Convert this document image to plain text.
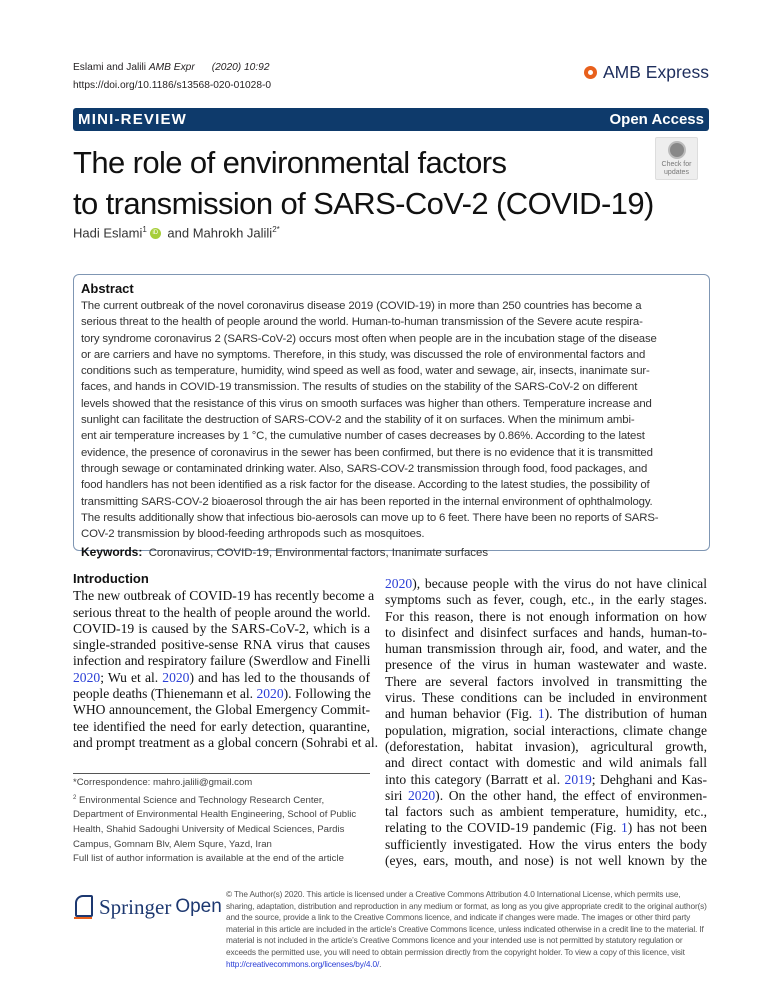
Eslami and Jalili AMB Expr (2020) 10:92
https://doi.org/10.1186/s13568-020-01028-0
AMB Express
MINI-REVIEW	Open Access
The role of environmental factors
to transmission of SARS-CoV-2 (COVID-19)
Check for
updates
Hadi Eslami$^1$ iD and Mahrokh Jalili$^{2*}$
Abstract
The current outbreak of the novel coronavirus disease 2019 (COVID-19) in more than 250 countries has become a
serious threat to the health of people around the world. Human-to-human transmission of the Severe acute respira-
tory syndrome coronavirus 2 (SARS-CoV-2) occurs most often when people are in the incubation stage of the disease
or are carriers and have no symptoms. Therefore, in this study, was discussed the role of environmental factors and
conditions such as temperature, humidity, wind speed as well as food, water and sewage, air, insects, inanimate sur-
faces, and hands in COVID-19 transmission. The results of studies on the stability of the SARS-CoV-2 on different
levels showed that the resistance of this virus on smooth surfaces was higher than others. Temperature increase and
sunlight can facilitate the destruction of SARS-COV-2 and the stability of it on surfaces. When the minimum ambi-
ent air temperature increases by 1 °C, the cumulative number of cases decreases by 0.86%. According to the latest
evidence, the presence of coronavirus in the sewer has been confirmed, but there is no evidence that it is transmitted
through sewage or contaminated drinking water. Also, SARS-COV-2 transmission through food, food packages, and
food handlers has not been identified as a risk factor for the disease. According to the latest studies, the possibility of
transmitting SARS-COV-2 bioaerosol through the air has been reported in the internal environment of ophthalmology.
The results additionally show that infectious bio-aerosols can move up to 6 feet. There have been no reports of SARS-
COV-2 transmission by blood-feeding arthropods such as mosquitoes.
Keywords: Coronavirus, COVID-19, Environmental factors, Inanimate surfaces
Introduction
The new outbreak of COVID-19 has recently become a
serious threat to the health of people around the world.
COVID-19 is caused by the SARS-CoV-2, which is a
single-stranded positive-sense RNA virus that causes
infection and respiratory failure (Swerdlow and Finelli
2020; Wu et al. 2020) and has led to the thousands of
people deaths (Thienemann et al. 2020). Following the
WHO announcement, the Global Emergency Commit-
tee identified the need for early detection, quarantine,
and prompt treatment as a global concern (Sohrabi et al.
2020), because people with the virus do not have clinical
symptoms such as fever, cough, etc., in the early stages.
For this reason, there is not enough information on how
to disinfect and disinfect surfaces and hands, human-to-
human transmission through air, food, and water, and the
presence of the virus in human wastewater and waste.
There are several factors involved in transmitting the
virus. These conditions can be included in environment
and human behavior (Fig. 1). The distribution of human
population, migration, social interactions, climate change
(deforestation, habitat invasion), agricultural growth,
and direct contact with domestic and wild animals fall
into this category (Barratt et al. 2019; Dehghani and Kas-
siri 2020). On the other hand, the effect of environmen-
tal factors such as ambient temperature, humidity, etc.,
relating to the COVID-19 pandemic (Fig. 1) has not been
sufficiently investigated. How the virus enters the body
(eyes, ears, mouth, and nose) is not well known by the
*Correspondence: mahro.jalili@gmail.com
$^2$ Environmental Science and Technology Research Center, Department of Environmental Health Engineering, School of Public Health, Shahid Sadoughi University of Medical Sciences, Pardis Campus, Gomnam Blv, Alem Squre, Yazd, Iran
Full list of author information is available at the end of the article
Springer Open
© The Author(s) 2020. This article is licensed under a Creative Commons Attribution 4.0 International License, which permits use, sharing, adaptation, distribution and reproduction in any medium or format, as long as you give appropriate credit to the original author(s) and the source, provide a link to the Creative Commons licence, and indicate if changes were made. The images or other third party material in this article are included in the article’s Creative Commons licence, unless indicated otherwise in a credit line to the material. If material is not included in the article’s Creative Commons licence and your intended use is not permitted by statutory regulation or exceeds the permitted use, you will need to obtain permission directly from the copyright holder. To view a copy of this licence, visit http://creativecommons.org/licenses/by/4.0/.
